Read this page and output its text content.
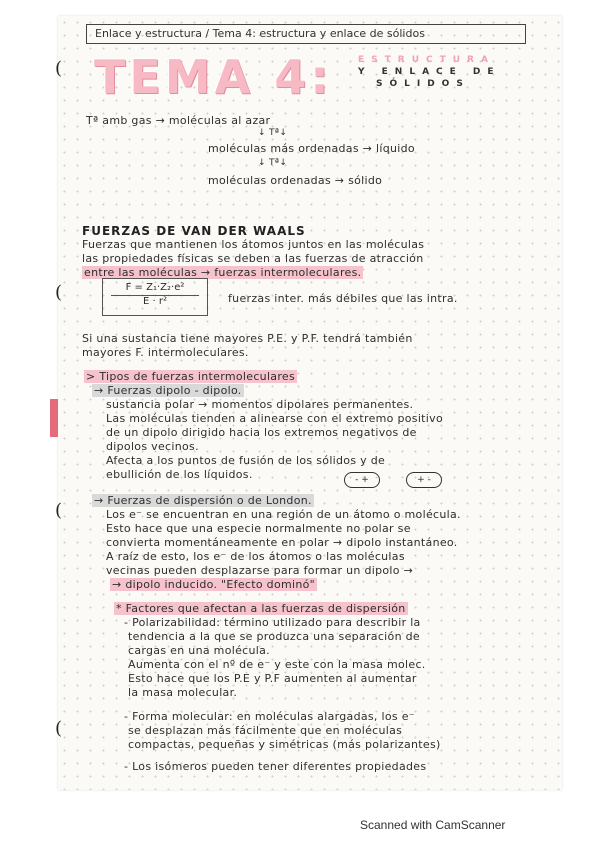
Enlace y estructura / Tema 4: estructura y enlace de sólidos
( TEMA 4:	ESTRUCTURA
Y ENLACE DE
SÓLIDOS
Tª amb gas → moléculas al azar
↓ Tª↓
moléculas más ordenadas → líquido
↓ Tª↓
moléculas ordenadas → sólido
FUERZAS DE VAN DER WAALS
Fuerzas que mantienen los átomos juntos en las moléculas
las propiedades físicas se deben a las fuerzas de atracción
entre las moléculas → fuerzas intermoleculares.
(	$\frac{\text{F = Z₁·Z₂·e²}}{\text{E · r²}}$ fuerzas inter. más débiles que las intra.
Si una sustancia tiene mayores P.E. y P.F. tendrá también
mayores F. intermoleculares.
> Tipos de fuerzas intermoleculares
→ Fuerzas dipolo - dipolo.
sustancia polar → momentos dipolares permanentes.
Las moléculas tienden a alinearse con el extremo positivo
de un dipolo dirigido hacia los extremos negativos de
dipolos vecinos.
Afecta a los puntos de fusión de los sólidos y de
ebullición de los líquidos.	- +	+ -
(	→ Fuerzas de dispersión o de London.
Los e⁻ se encuentran en una región de un átomo o molécula.
Esto hace que una especie normalmente no polar se
convierta momentáneamente en polar → dipolo instantáneo.
A raíz de esto, los e⁻ de los átomos o las moléculas
vecinas pueden desplazarse para formar un dipolo →
→ dipolo inducido. "Efecto dominó"
* Factores que afectan a las fuerzas de dispersión
- Polarizabilidad: término utilizado para describir la
tendencia a la que se produzca una separación de
cargas en una molécula.
Aumenta con el nº de e⁻ y este con la masa molec.
Esto hace que los P.E y P.F aumenten al aumentar
la masa molecular.
(
- Forma molecular: en moléculas alargadas, los e⁻
se desplazan más fácilmente que en moléculas
compactas, pequeñas y simétricas (más polarizantes)
- Los isómeros pueden tener diferentes propiedades
Scanned with CamScanner
